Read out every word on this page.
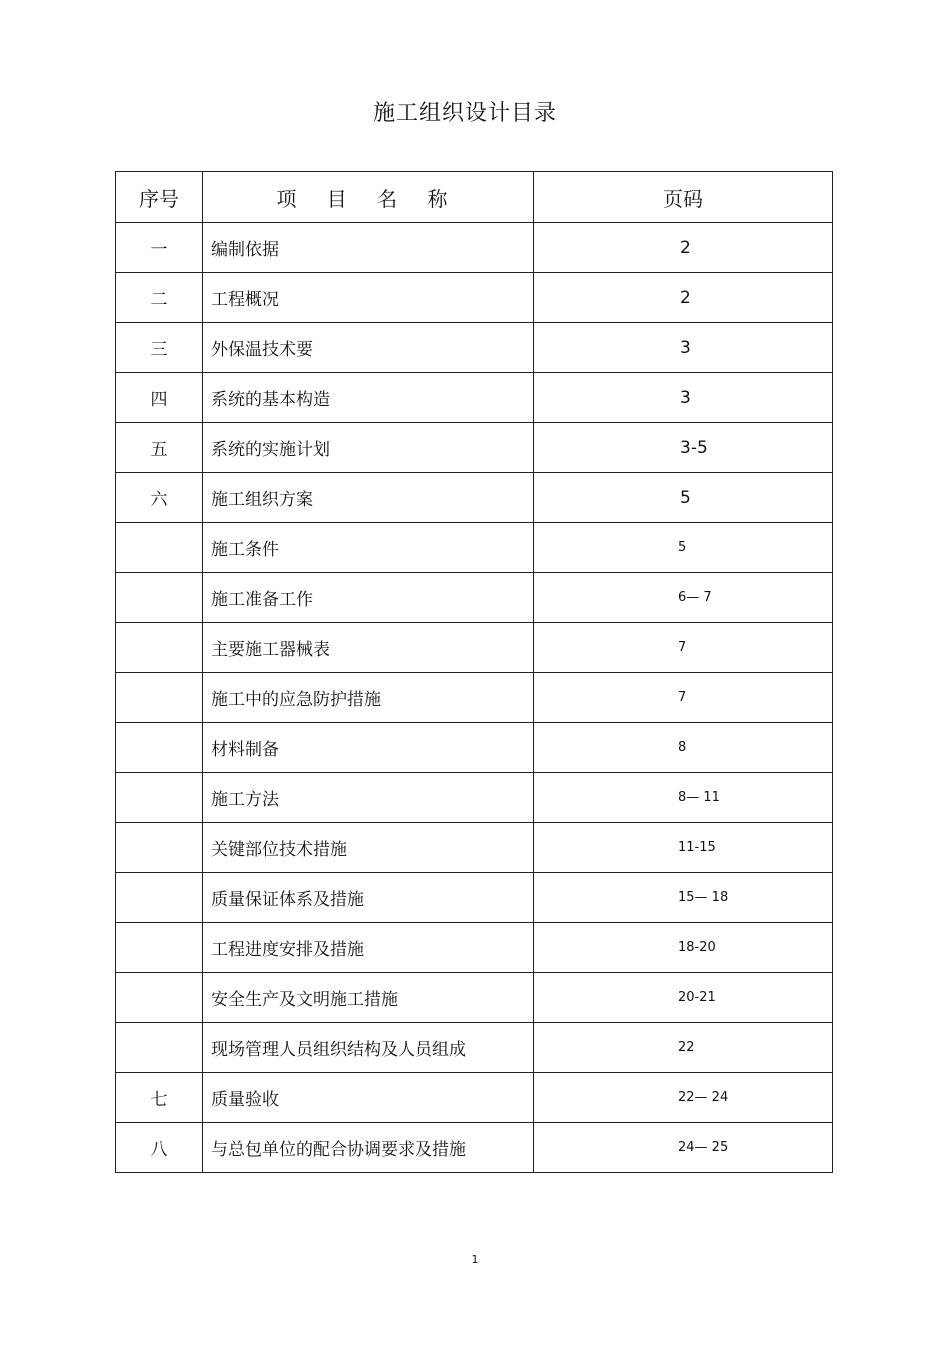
施工组织设计目录
序号	项 目 名 称	页码
一	编制依据	2
二	工程概况	2
三	外保温技术要	3
四	系统的基本构造	3
五	系统的实施计划	3-5
六	施工组织方案	5
	施工条件	5
	施工准备工作	6— 7
	主要施工器械表	7
	施工中的应急防护措施	7
	材料制备	8
	施工方法	8— 11
	关键部位技术措施	11-15
	质量保证体系及措施	15— 18
	工程进度安排及措施	18-20
	安全生产及文明施工措施	20-21
	现场管理人员组织结构及人员组成	22
七	质量验收	22— 24
八	与总包单位的配合协调要求及措施	24— 25
1
